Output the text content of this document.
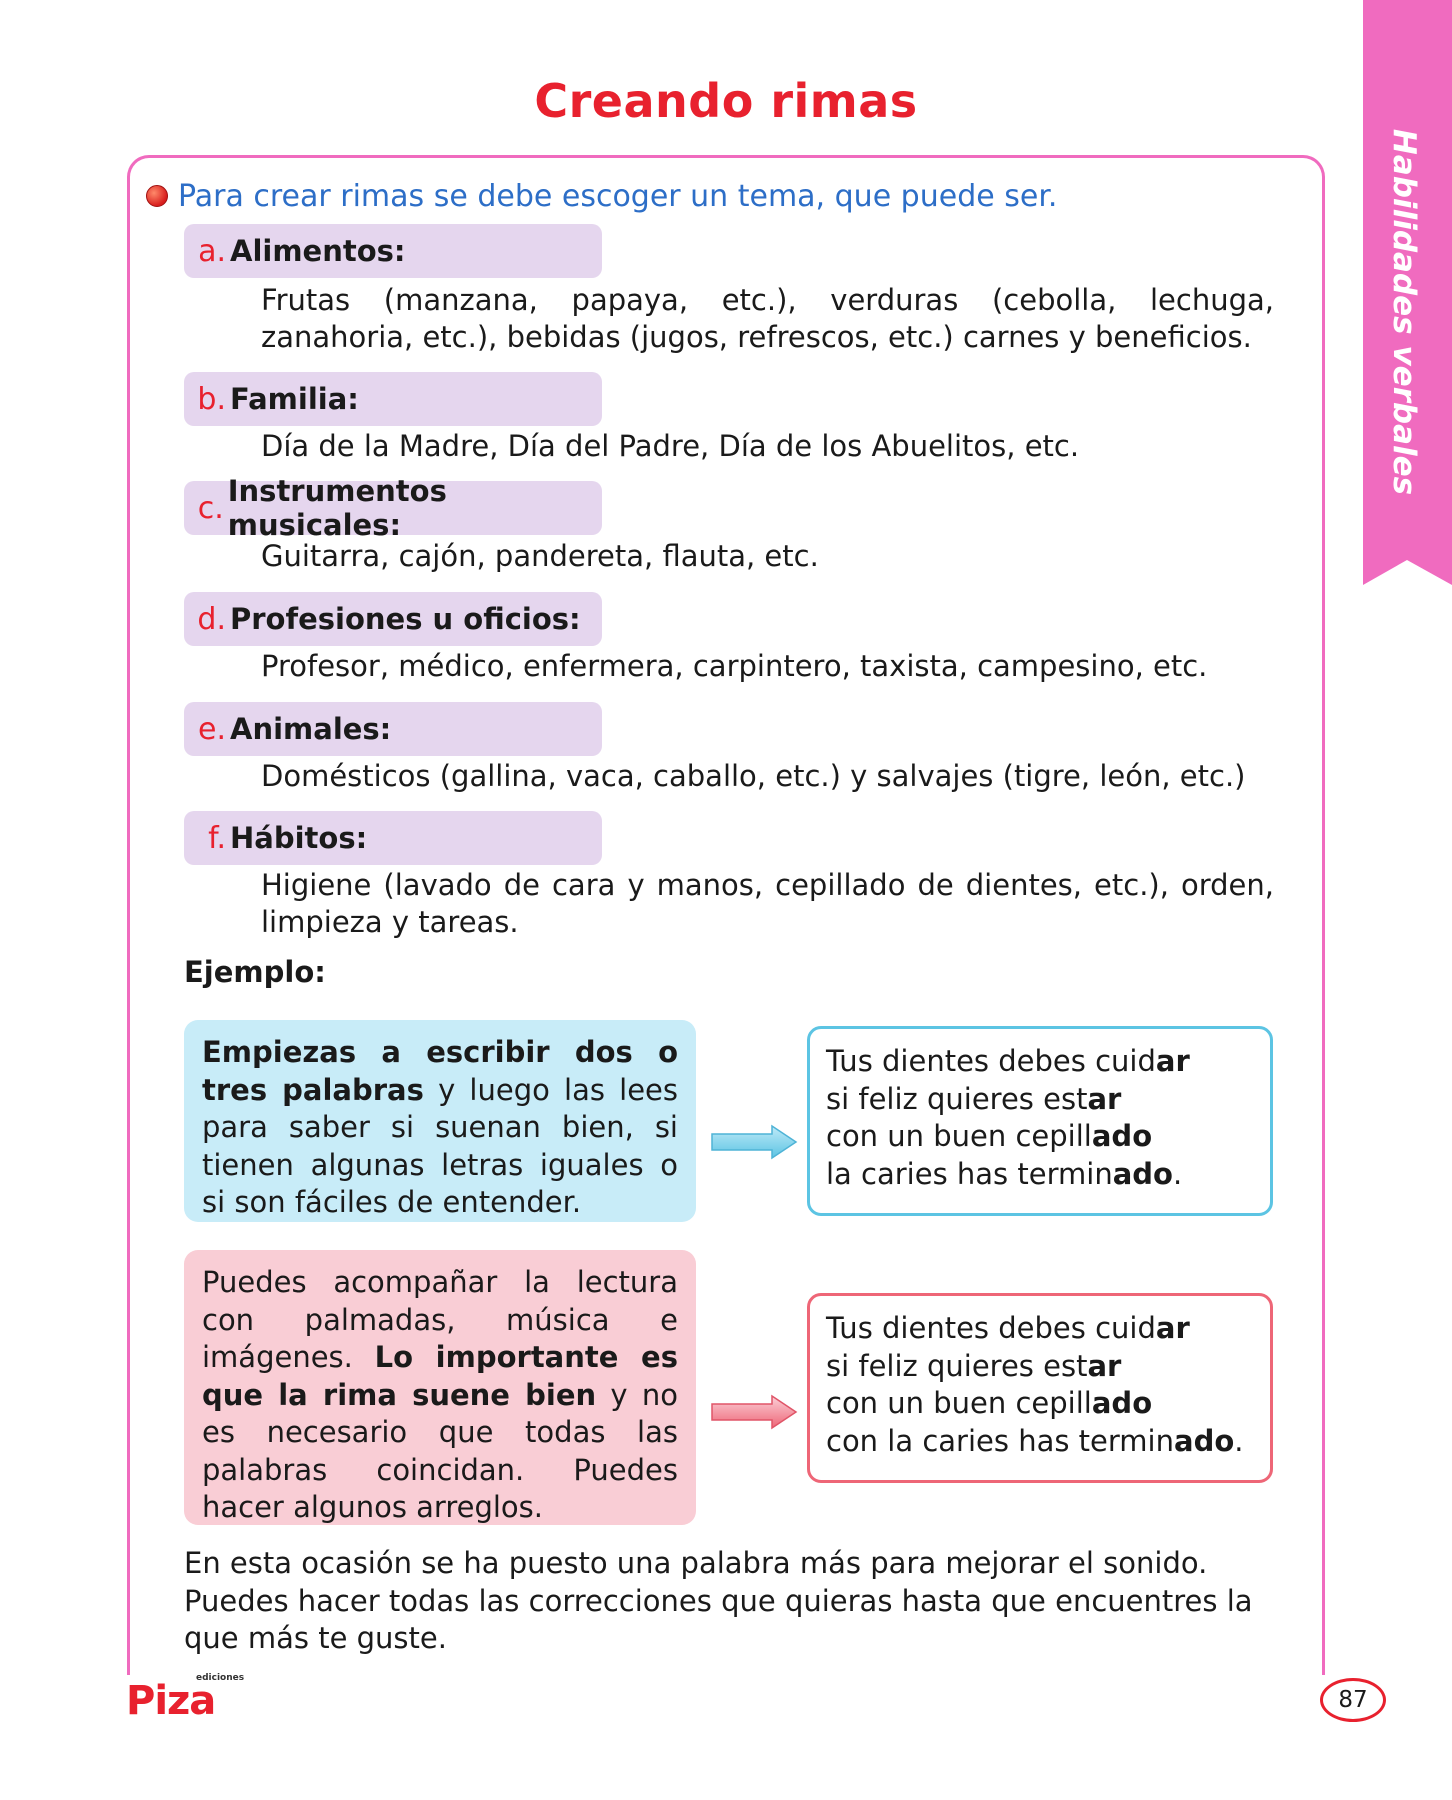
Habilidades verbales
Creando rimas
Para crear rimas se debe escoger un tema, que puede ser.
a. Alimentos:
Frutas (manzana, papaya, etc.), verduras (cebolla, lechuga, zanahoria, etc.), bebidas (jugos, refrescos, etc.) carnes y beneficios.
b. Familia:
Día de la Madre, Día del Padre, Día de los Abuelitos, etc.
c. Instrumentos musicales:
Guitarra, cajón, pandereta, flauta, etc.
d. Profesiones u oficios:
Profesor, médico, enfermera, carpintero, taxista, campesino, etc.
e. Animales:
Domésticos (gallina, vaca, caballo, etc.) y salvajes (tigre, león, etc.)
f. Hábitos:
Higiene (lavado de cara y manos, cepillado de dientes, etc.), orden, limpieza y tareas.
Ejemplo:
Empiezas a escribir dos o tres palabras y luego las lees para saber si suenan bien, si tienen algunas letras iguales o si son fáciles de entender.
Tus dientes debes cuidar
si feliz quieres estar
con un buen cepillado
la caries has terminado.
Puedes acompañar la lectura con palmadas, música e imágenes. Lo importante es que la rima suene bien y no es necesario que todas las palabras coincidan. Puedes hacer algunos arreglos.
Tus dientes debes cuidar
si feliz quieres estar
con un buen cepillado
con la caries has terminado.
En esta ocasión se ha puesto una palabra más para mejorar el sonido. Puedes hacer todas las correcciones que quieras hasta que encuentres la que más te guste.
ediciones
Piza	87
